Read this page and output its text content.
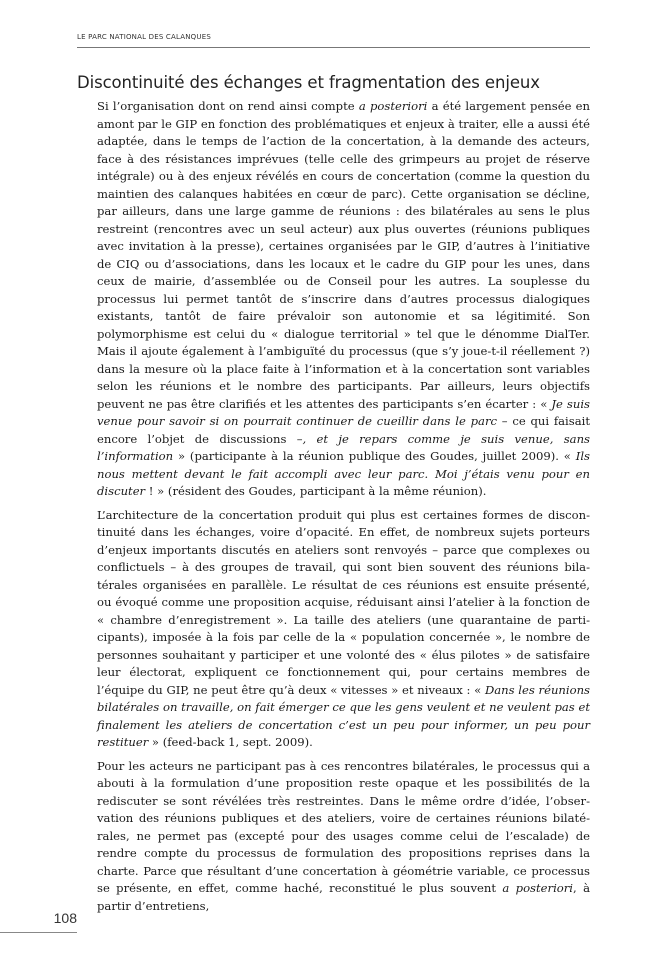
LE PARC NATIONAL DES CALANQUES
Discontinuité des échanges et fragmentation des enjeux

Si l’organisation dont on rend ainsi compte a posteriori a été largement pensée en amont par le GIP en fonction des problématiques et enjeux à traiter, elle a aussi été adaptée, dans le temps de l’action de la concertation, à la demande des acteurs, face à des résistances imprévues (telle celle des grimpeurs au projet de réserve intégrale) ou à des enjeux révélés en cours de concertation (comme la question du maintien des calanques habitées en cœur de parc). Cette organisation se décline, par ailleurs, dans une large gamme de réunions : des bilatérales au sens le plus restreint (rencontres avec un seul acteur) aux plus ouvertes (réunions publiques avec invitation à la presse), certaines organisées par le GIP, d’autres à l’initiative de CIQ ou d’associations, dans les locaux et le cadre du GIP pour les unes, dans ceux de mairie, d’assemblée ou de Conseil pour les autres. La souplesse du processus lui permet tantôt de s’inscrire dans d’autres processus dialogiques existants, tantôt de faire prévaloir son autonomie et sa légitimité. Son polymorphisme est celui du « dialogue territorial » tel que le dénomme DialTer. Mais il ajoute également à l’ambiguïté du processus (que s’y joue-t-il réellement ?) dans la mesure où la place faite à l’information et à la concertation sont variables selon les réunions et le nombre des participants. Par ailleurs, leurs objectifs peuvent ne pas être clarifiés et les attentes des participants s’en écarter : « Je suis venue pour savoir si on pourrait continuer de cueillir dans le parc – ce qui faisait encore l’objet de discussions –, et je repars comme je suis venue, sans l’information » (participante à la réunion publique des Goudes, juillet 2009). « Ils nous mettent devant le fait accompli avec leur parc. Moi j’étais venu pour en discuter ! » (résident des Goudes, participant à la même réunion).

L’architecture de la concertation produit qui plus est certaines formes de discontinuité dans les échanges, voire d’opacité. En effet, de nombreux sujets porteurs d’enjeux importants discutés en ateliers sont renvoyés – parce que complexes ou conflictuels – à des groupes de travail, qui sont bien souvent des réunions bilatérales organisées en parallèle. Le résultat de ces réunions est ensuite présenté, ou évoqué comme une proposition acquise, réduisant ainsi l’atelier à la fonction de « chambre d’enregistrement ». La taille des ateliers (une quarantaine de participants), imposée à la fois par celle de la « population concernée », le nombre de personnes souhaitant y participer et une volonté des « élus pilotes » de satisfaire leur électorat, expliquent ce fonctionnement qui, pour certains membres de l’équipe du GIP, ne peut être qu’à deux « vitesses » et niveaux : « Dans les réunions bilatérales on travaille, on fait émerger ce que les gens veulent et ne veulent pas et finalement les ateliers de concertation c’est un peu pour informer, un peu pour restituer » (feed-back 1, sept. 2009).

Pour les acteurs ne participant pas à ces rencontres bilatérales, le processus qui a abouti à la formulation d’une proposition reste opaque et les possibilités de la rediscuter se sont révélées très restreintes. Dans le même ordre d’idée, l’observation des réunions publiques et des ateliers, voire de certaines réunions bilatérales, ne permet pas (excepté pour des usages comme celui de l’escalade) de rendre compte du processus de formulation des propositions reprises dans la charte. Parce que résultant d’une concertation à géométrie variable, ce processus se présente, en effet, comme haché, reconstitué le plus souvent a posteriori, à partir d’entretiens,

108
